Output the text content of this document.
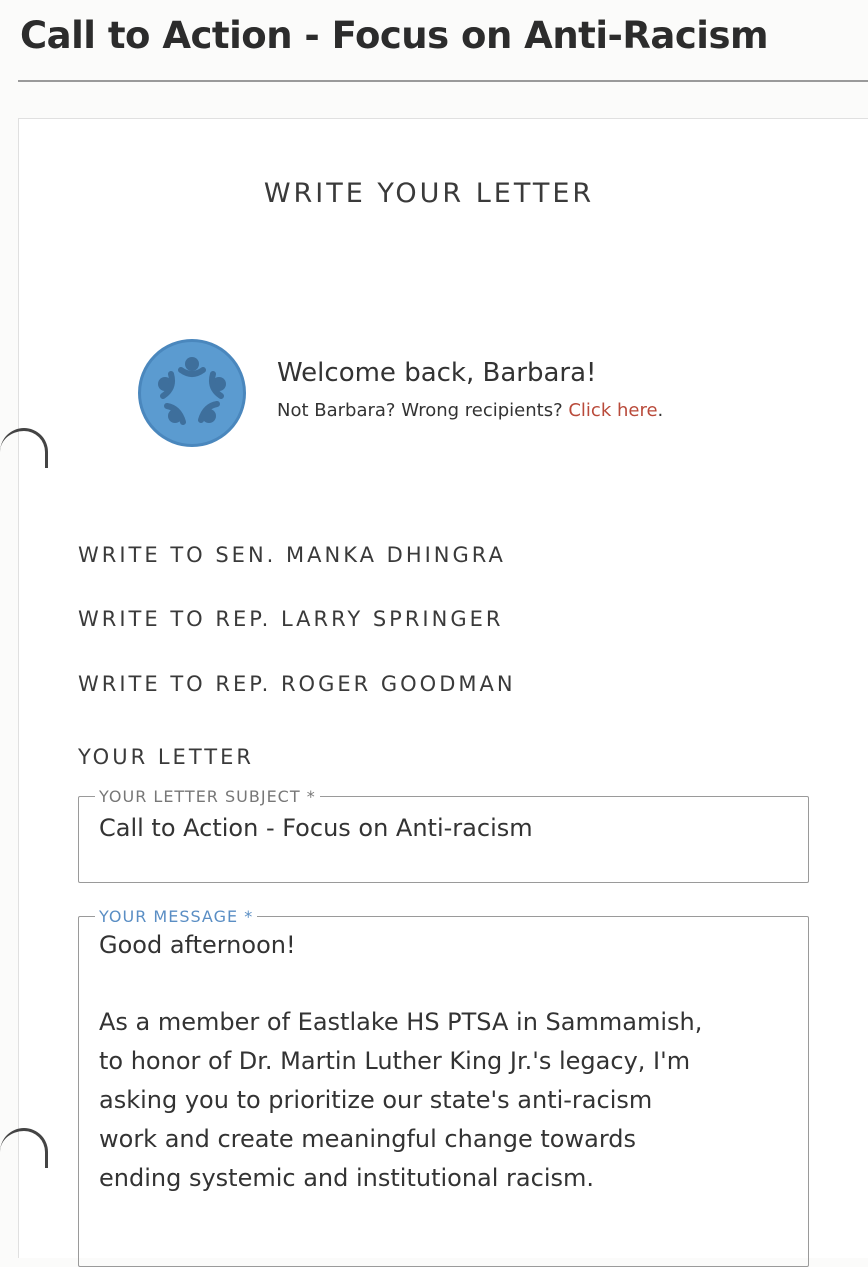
Call to Action - Focus on Anti-Racism
WRITE YOUR LETTER
Welcome back, Barbara!
Not Barbara? Wrong recipients? Click here.
WRITE TO SEN. MANKA DHINGRA
WRITE TO REP. LARRY SPRINGER
WRITE TO REP. ROGER GOODMAN
YOUR LETTER
YOUR LETTER SUBJECT *
Call to Action - Focus on Anti-racism
YOUR MESSAGE *

Good afternoon!

As a member of Eastlake HS PTSA in Sammamish,

to honor of Dr. Martin Luther King Jr.'s legacy, I'm

asking you to prioritize our state's anti-racism

work and create meaningful change towards

ending systemic and institutional racism.
